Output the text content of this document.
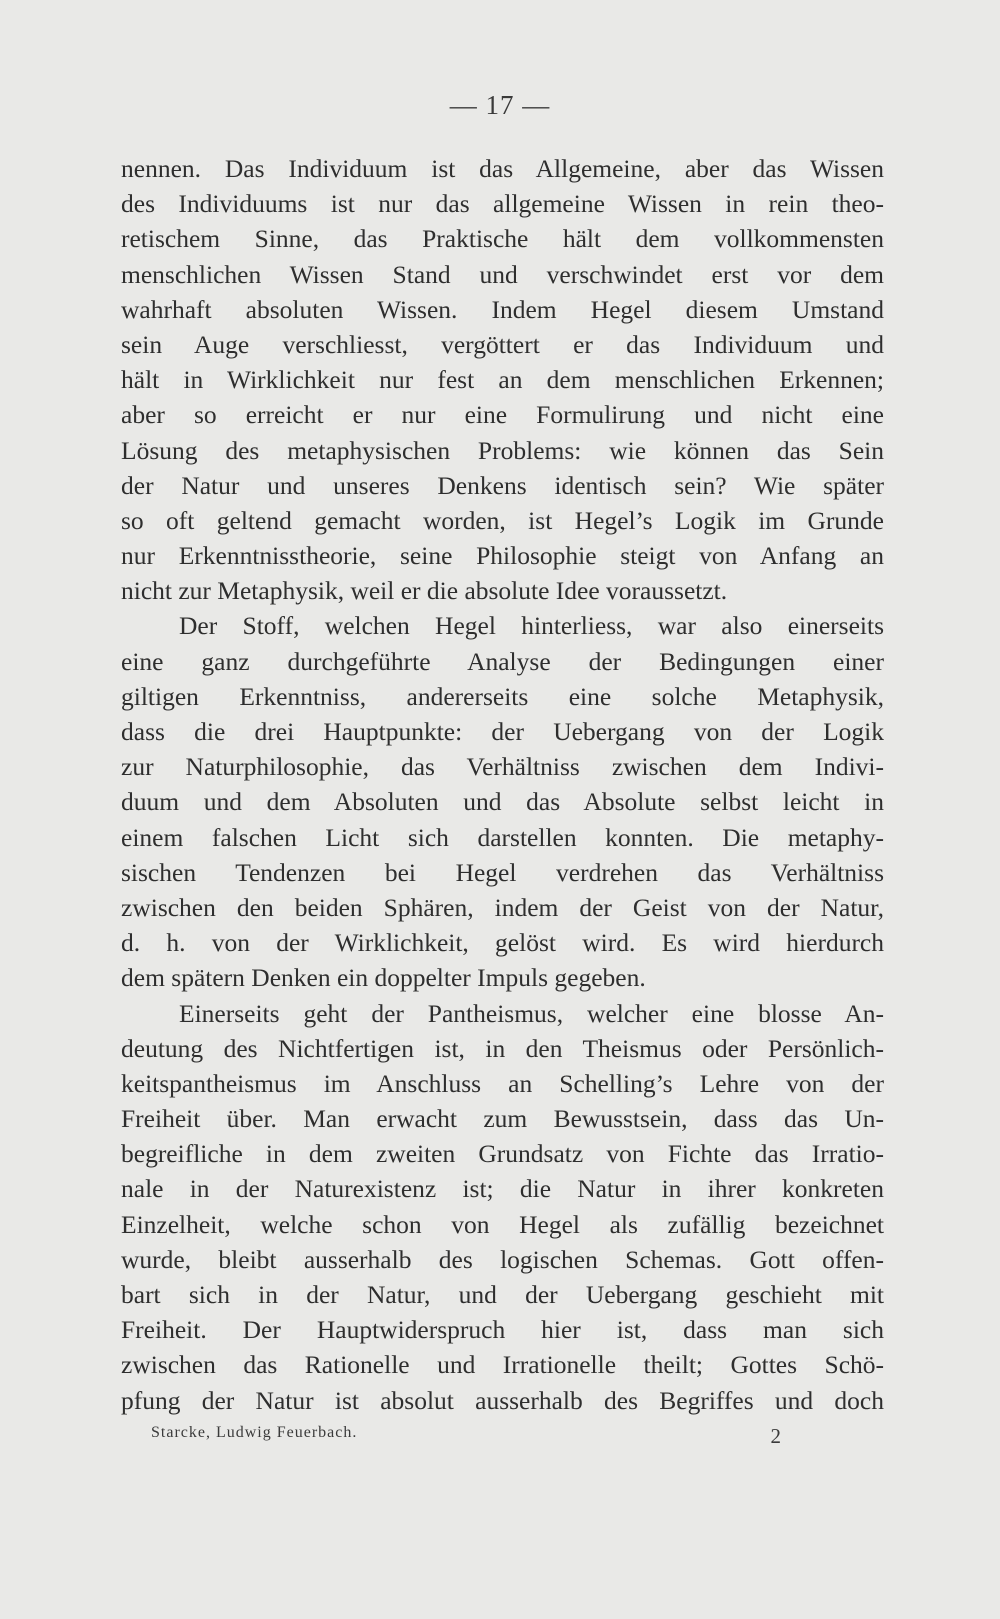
— 17 —
nennen. Das Individuum ist das Allgemeine, aber das Wissen
des Individuums ist nur das allgemeine Wissen in rein theo-
retischem Sinne, das Praktische hält dem vollkommensten
menschlichen Wissen Stand und verschwindet erst vor dem
wahrhaft absoluten Wissen. Indem Hegel diesem Umstand
sein Auge verschliesst, vergöttert er das Individuum und
hält in Wirklichkeit nur fest an dem menschlichen Erkennen;
aber so erreicht er nur eine Formulirung und nicht eine
Lösung des metaphysischen Problems: wie können das Sein
der Natur und unseres Denkens identisch sein? Wie später
so oft geltend gemacht worden, ist Hegel’s Logik im Grunde
nur Erkenntnisstheorie, seine Philosophie steigt von Anfang an
nicht zur Metaphysik, weil er die absolute Idee voraussetzt.
Der Stoff, welchen Hegel hinterliess, war also einerseits
eine ganz durchgeführte Analyse der Bedingungen einer
giltigen Erkenntniss, andererseits eine solche Metaphysik,
dass die drei Hauptpunkte: der Uebergang von der Logik
zur Naturphilosophie, das Verhältniss zwischen dem Indivi-
duum und dem Absoluten und das Absolute selbst leicht in
einem falschen Licht sich darstellen konnten. Die metaphy-
sischen Tendenzen bei Hegel verdrehen das Verhältniss
zwischen den beiden Sphären, indem der Geist von der Natur,
d. h. von der Wirklichkeit, gelöst wird. Es wird hierdurch
dem spätern Denken ein doppelter Impuls gegeben.
Einerseits geht der Pantheismus, welcher eine blosse An-
deutung des Nichtfertigen ist, in den Theismus oder Persönlich-
keitspantheismus im Anschluss an Schelling’s Lehre von der
Freiheit über. Man erwacht zum Bewusstsein, dass das Un-
begreifliche in dem zweiten Grundsatz von Fichte das Irratio-
nale in der Naturexistenz ist; die Natur in ihrer konkreten
Einzelheit, welche schon von Hegel als zufällig bezeichnet
wurde, bleibt ausserhalb des logischen Schemas. Gott offen-
bart sich in der Natur, und der Uebergang geschieht mit
Freiheit. Der Hauptwiderspruch hier ist, dass man sich
zwischen das Rationelle und Irrationelle theilt; Gottes Schö-
pfung der Natur ist absolut ausserhalb des Begriffes und doch
Starcke, Ludwig Feuerbach.	2
